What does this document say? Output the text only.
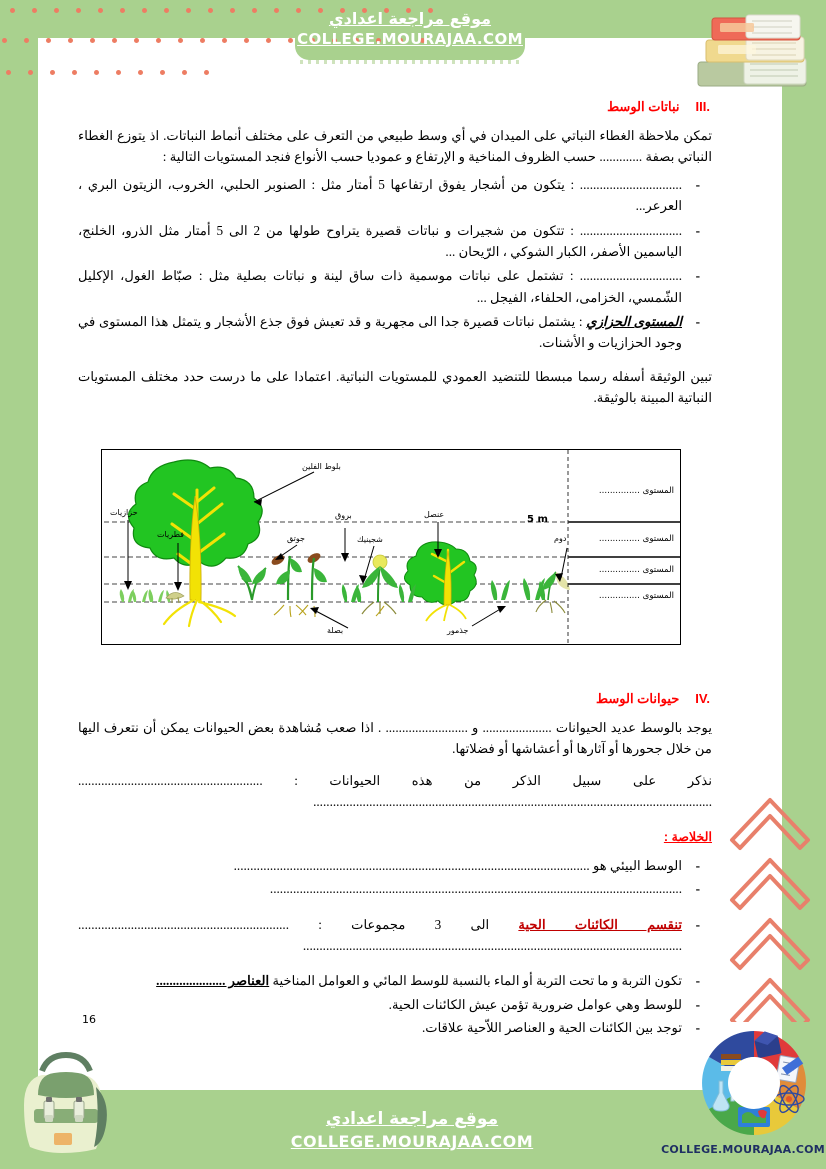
موقع مراجعة اعدادي
COLLEGE.MOURAJAA.COM
III.
نباتات الوسط

تمكن ملاحظة الغطاء النباتي على الميدان في أي وسط طبيعي من التعرف على مختلف أنماط النباتات. اذ يتوزع الغطاء النباتي بصفة ............. حسب الظروف المناخية و الإرتفاع و عموديا حسب الأنواع فنجد المستويات التالية :

- ............................... : يتكون من أشجار يفوق ارتفاعها 5 أمتار مثل : الصنوبر الحلبي، الخروب، الزيتون البري ، العرعر...
- ............................... : تتكون من شجيرات و نباتات قصيرة يتراوح طولها من 2 الى 5 أمتار مثل الذرو، الخلنج، الياسمين الأصفر، الكبار الشوكي ، الرّيحان ...
- ............................... : تشتمل على نباتات موسمية ذات ساق لينة و نباتات بصلية مثل : صبّاط الغول، الإكليل الشّمسي، الخزامى، الحلفاء، الفيجل ...
- المستوى الحزازي : يشتمل نباتات قصيرة جدا الى مجهرية و قد تعيش فوق جذع الأشجار و يتمثل هذا المستوى في وجود الحزازيات و الأشنات.

تبين الوثيقة أسفله رسما مبسطا للتنضيد العمودي للمستويات النباتية. اعتمادا على ما درست حدد مختلف المستويات النباتية المبينة بالوثيقة.

بلوط الفلين
بروق
جوتق	شجينيك
عنصل
دوم
حزازيات
فطريات
بصلة	جذمور
5 m
المستوى ...............
المستوى ...............
المستوى ...............
المستوى ...............
IV.
حيوانات الوسط

يوجد بالوسط عديد الحيوانات ..................... و ......................... . اذا صعب مُشاهدة بعض الحيوانات يمكن أن نتعرف اليها من خلال جحورها أو آثارها أو أعشاشها أو فضلاتها.

نذكر على سبيل الذكر من هذه الحيوانات : ........................................................ .........................................................................................................................

الخلاصة :

- الوسط البيئي هو ............................................................................................................
- .............................................................................................................................
- تنقسم الكائنات الحية الى 3 مجموعات : ................................................................ ...................................................................................................................
- تكون التربة و ما تحت التربة أو الماء بالنسبة للوسط المائي و العوامل المناخية العناصر .....................
- للوسط وهي عوامل ضرورية تؤمن عيش الكائنات الحية.
- توجد بين الكائنات الحية و العناصر اللاّحية علاقات.
16
موقع مراجعة اعدادي
COLLEGE.MOURAJAA.COM	COLLEGE.MOURAJAA.COM
